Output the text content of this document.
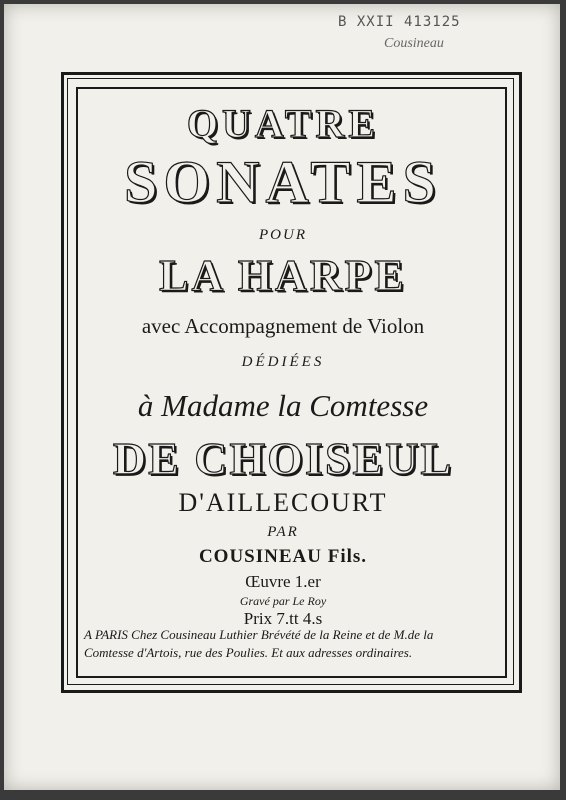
B XXII 413125
Cousineau
QUATRE
SONATES
POUR
LA HARPE
avec Accompagnement de Violon
DÉDIÉES
à Madame la Comtesse
DE CHOISEUL
D'AILLECOURT
PAR
COUSINEAU Fils.
Œuvre 1.er
Gravé par Le Roy
Prix 7.tt 4.s
A PARIS Chez Cousineau Luthier Brévété de la Reine et de M.de la
Comtesse d'Artois, rue des Poulies. Et aux adresses ordinaires.
